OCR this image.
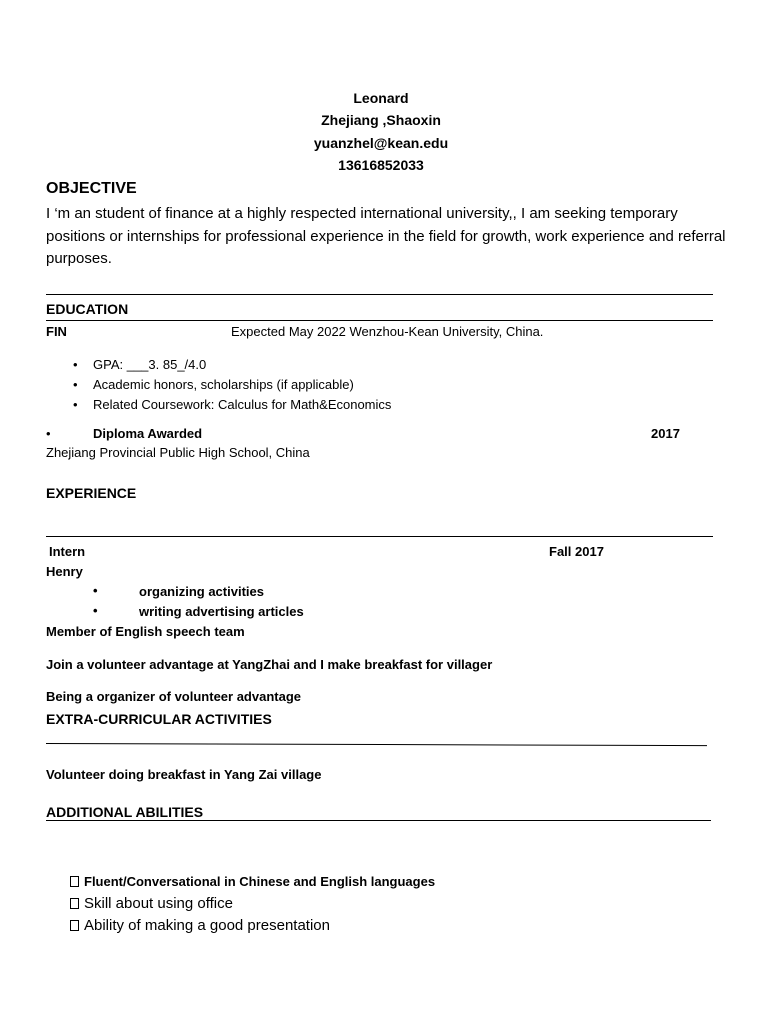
Leonard
Zhejiang ,Shaoxin
yuanzhel@kean.edu
13616852033
OBJECTIVE
I ‘m an student of finance at a highly respected international university,, I am seeking temporary positions or internships for professional experience in the field for growth, work experience and referral purposes.
EDUCATION
FIN	Expected May 2022 Wenzhou-Kean University, China.
• GPA: ___3. 85_/4.0
• Academic honors, scholarships (if applicable)
• Related Coursework: Calculus for Math&Economics
•	Diploma Awarded	2017
Zhejiang Provincial Public High School, China
EXPERIENCE
Intern	Fall 2017
Henry
•	organizing activities
•	writing advertising articles
Member of English speech team
Join a volunteer advantage at YangZhai and I make breakfast for villager
Being a organizer of volunteer advantage
EXTRA-CURRICULAR ACTIVITIES
Volunteer doing breakfast in Yang Zai village
ADDITIONAL ABILITIES
Fluent/Conversational in Chinese and English languages
Skill about using office
Ability of making a good presentation
